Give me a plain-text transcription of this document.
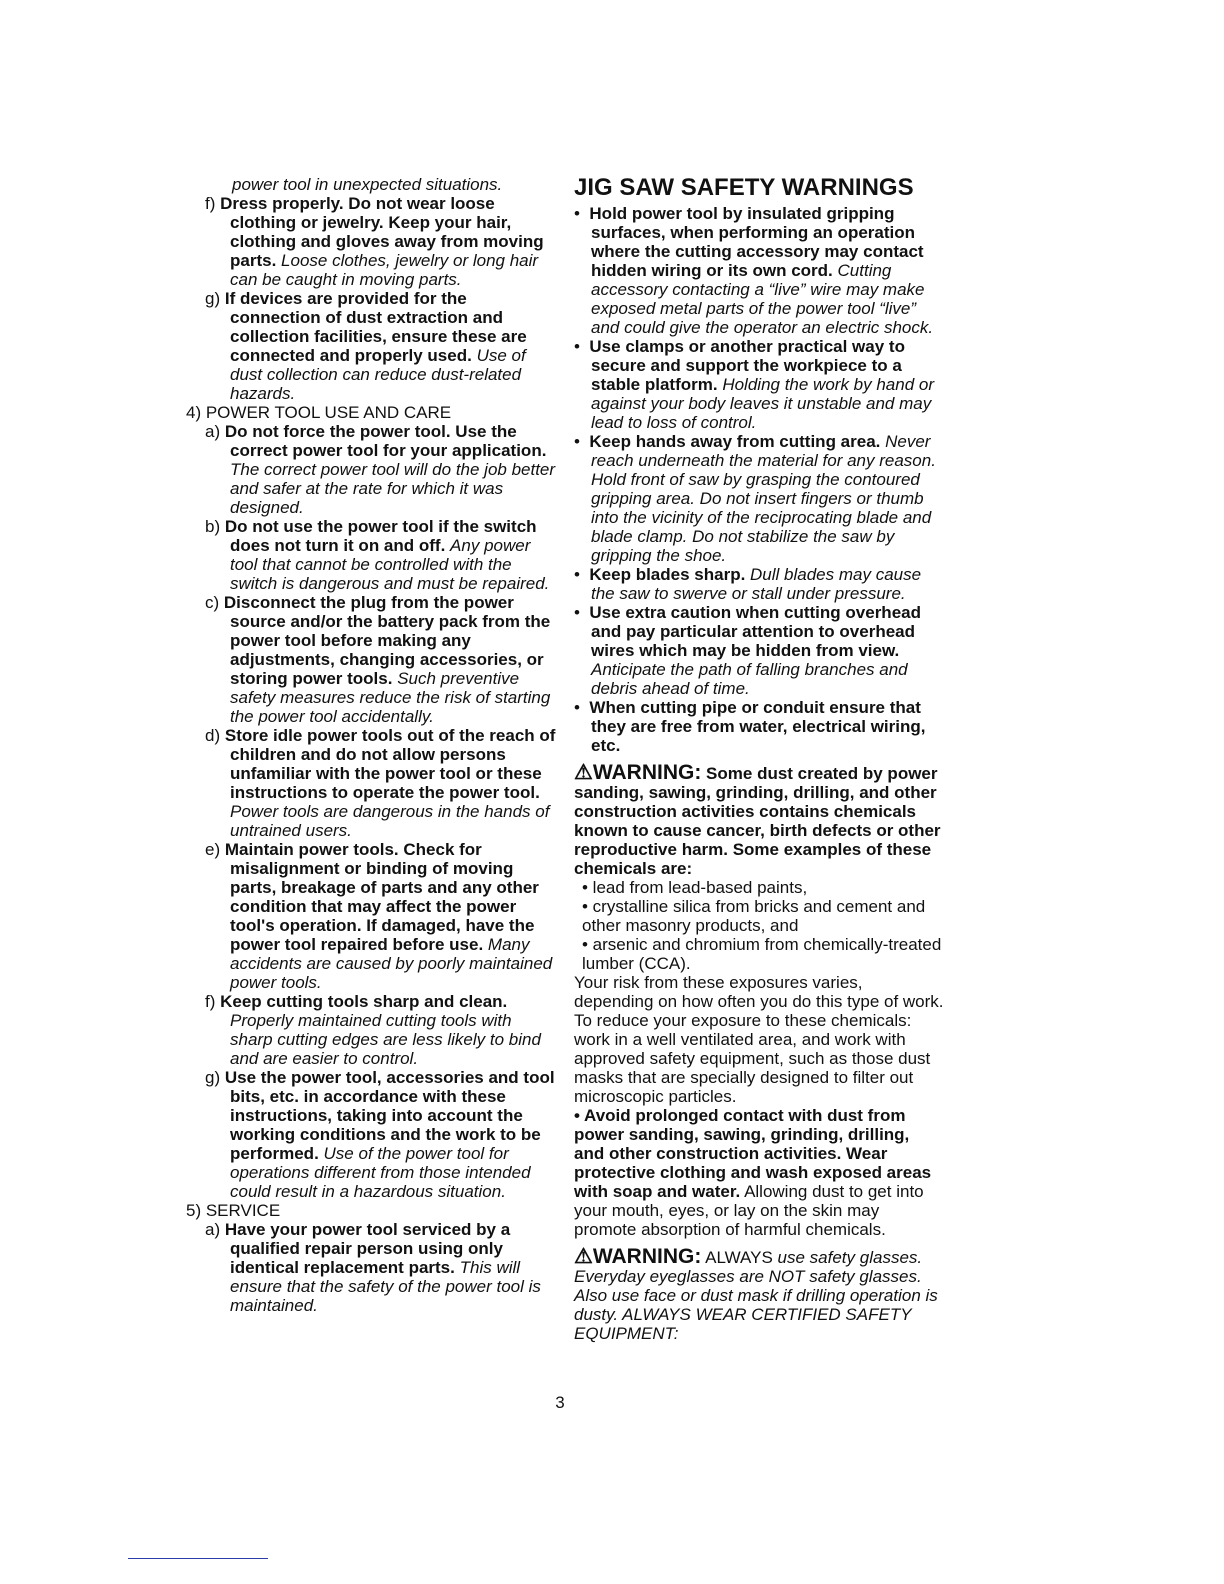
power tool in unexpected situations.

f) Dress properly. Do not wear loose clothing or jewelry. Keep your hair, clothing and gloves away from moving parts. Loose clothes, jewelry or long hair can be caught in moving parts.

g) If devices are provided for the connection of dust extraction and collection facilities, ensure these are connected and properly used. Use of dust collection can reduce dust-related hazards.

4) POWER TOOL USE AND CARE

a) Do not force the power tool. Use the correct power tool for your application. The correct power tool will do the job better and safer at the rate for which it was designed.

b) Do not use the power tool if the switch does not turn it on and off. Any power tool that cannot be controlled with the switch is dangerous and must be repaired.

c) Disconnect the plug from the power source and/or the battery pack from the power tool before making any adjustments, changing accessories, or storing power tools. Such preventive safety measures reduce the risk of starting the power tool accidentally.

d) Store idle power tools out of the reach of children and do not allow persons unfamiliar with the power tool or these instructions to operate the power tool. Power tools are dangerous in the hands of untrained users.

e) Maintain power tools. Check for misalignment or binding of moving parts, breakage of parts and any other condition that may affect the power tool's operation. If damaged, have the power tool repaired before use. Many accidents are caused by poorly maintained power tools.

f) Keep cutting tools sharp and clean. Properly maintained cutting tools with sharp cutting edges are less likely to bind and are easier to control.

g) Use the power tool, accessories and tool bits, etc. in accordance with these instructions, taking into account the working conditions and the work to be performed. Use of the power tool for operations different from those intended could result in a hazardous situation.

5) SERVICE

a) Have your power tool serviced by a qualified repair person using only identical replacement parts. This will ensure that the safety of the power tool is maintained.

JIG SAW SAFETY WARNINGS

•  Hold power tool by insulated gripping surfaces, when performing an operation where the cutting accessory may contact hidden wiring or its own cord. Cutting accessory contacting a “live” wire may make exposed metal parts of the power tool “live” and could give the operator an electric shock.

•  Use clamps or another practical way to secure and support the workpiece to a stable platform. Holding the work by hand or against your body leaves it unstable and may lead to loss of control.

•  Keep hands away from cutting area. Never reach underneath the material for any reason. Hold front of saw by grasping the contoured gripping area. Do not insert fingers or thumb into the vicinity of the reciprocating blade and blade clamp. Do not stabilize the saw by gripping the shoe.

•  Keep blades sharp. Dull blades may cause the saw to swerve or stall under pressure.

•  Use extra caution when cutting overhead and pay particular attention to overhead wires which may be hidden from view. Anticipate the path of falling branches and debris ahead of time.

•  When cutting pipe or conduit ensure that they are free from water, electrical wiring, etc.

⚠WARNING: Some dust created by power sanding, sawing, grinding, drilling, and other construction activities contains chemicals known to cause cancer, birth defects or other reproductive harm. Some examples of these chemicals are:

• lead from lead-based paints,

• crystalline silica from bricks and cement and other masonry products, and

• arsenic and chromium from chemically-treated lumber (CCA).

Your risk from these exposures varies, depending on how often you do this type of work. To reduce your exposure to these chemicals: work in a well ventilated area, and work with approved safety equipment, such as those dust masks that are specially designed to filter out microscopic particles.

• Avoid prolonged contact with dust from power sanding, sawing, grinding, drilling, and other construction activities. Wear protective clothing and wash exposed areas with soap and water. Allowing dust to get into your mouth, eyes, or lay on the skin may promote absorption of harmful chemicals.

⚠WARNING: ALWAYS use safety glasses. Everyday eyeglasses are NOT safety glasses. Also use face or dust mask if drilling operation is dusty. ALWAYS WEAR CERTIFIED SAFETY EQUIPMENT:

3
